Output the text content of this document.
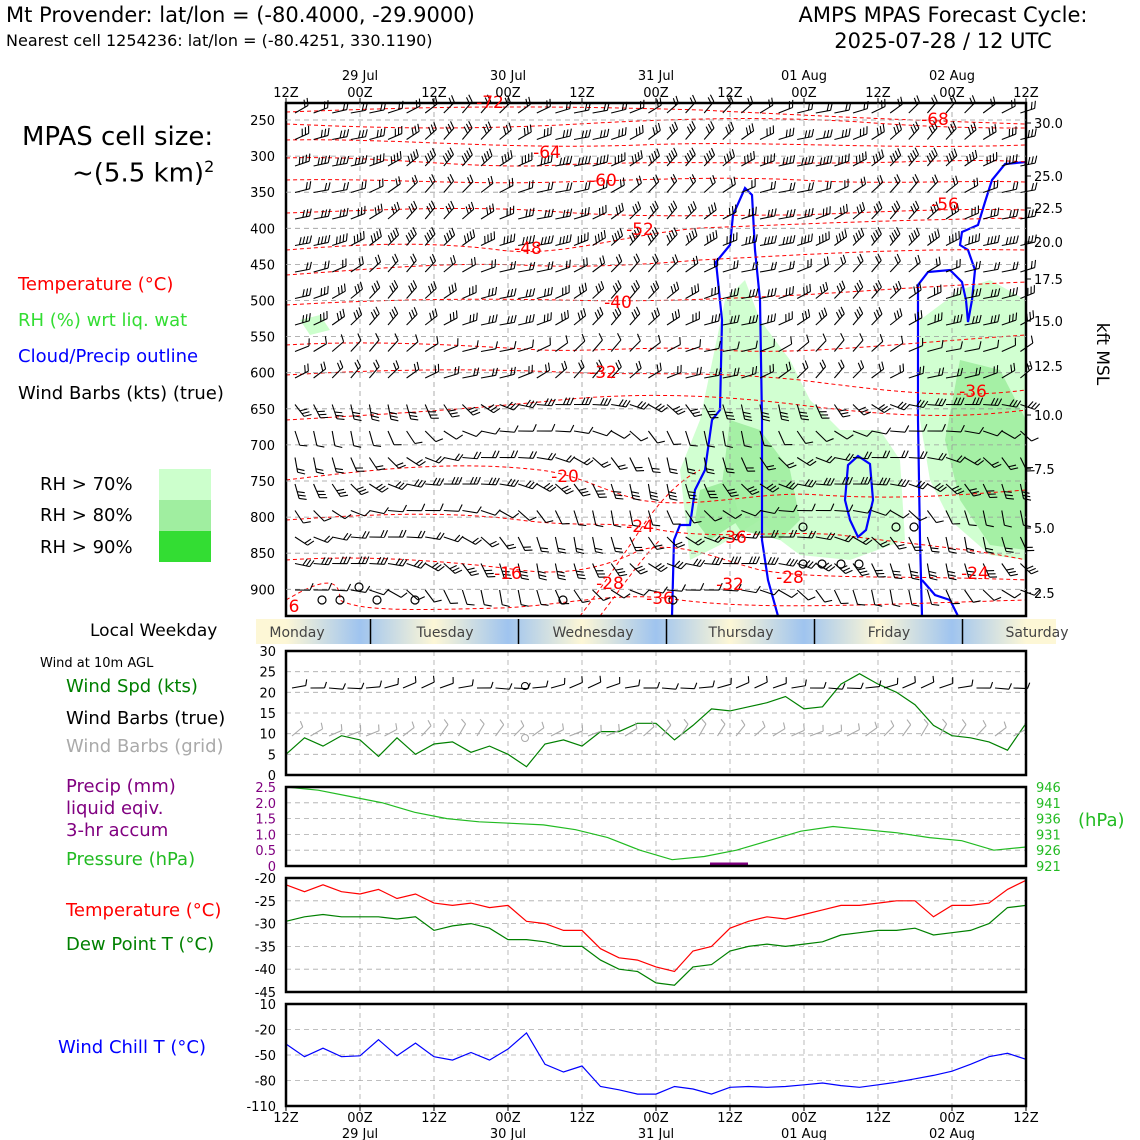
Mt Provender: lat/lon = (-80.4000, -29.9000)
Nearest cell 1254236: lat/lon = (-80.4251, 330.1190)
AMPS MPAS Forecast Cycle:
2025-07-28 / 12 UTC
MPAS cell size:
~(5.5 km)$^2$
Temperature (°C)
RH (%) wrt liq. wat
Cloud/Precip outline
Wind Barbs (kts) (true)
RH > 70%
RH > 80%
RH > 90%
Local Weekday
Wind at 10m AGL
Wind Spd (kts)
Wind Barbs (true)
Wind Barbs (grid)
Precip (mm)
liquid eqiv.
3-hr accum
Pressure (hPa)
Temperature (°C)
Dew Point T (°C)
Wind Chill T (°C)
-72
-68
-64
-60
-56
-52
-48
-40
-32
-36
-20
-24
-36
-16	-28
-36
-32 -28	-24
6
250
300
350
400
450
500
550
600
650
700
750
800
850
900
30.0
25.0
22.5
20.0
17.5
15.0
12.5
10.0
7.5
5.0
2.5
12Z	00Z	12Z	00Z	12Z	00Z	12Z	00Z	12Z	00Z	12Z
29 Jul	30 Jul	31 Jul	01 Aug	02 Aug
kft MSL
Monday	Tuesday	Wednesday	Thursday	Friday	Saturday
0
5
10
15
20
25
30
0
0.5
1.0
1.5
2.0
2.5
921
926
931
936
941
946
(hPa)
-20
-25
-30
-35
-40
-45
10
-20
-50
-80
-110
12Z	00Z	12Z	00Z	12Z	00Z	12Z	00Z	12Z	00Z	12Z
29 Jul	30 Jul	31 Jul	01 Aug	02 Aug
